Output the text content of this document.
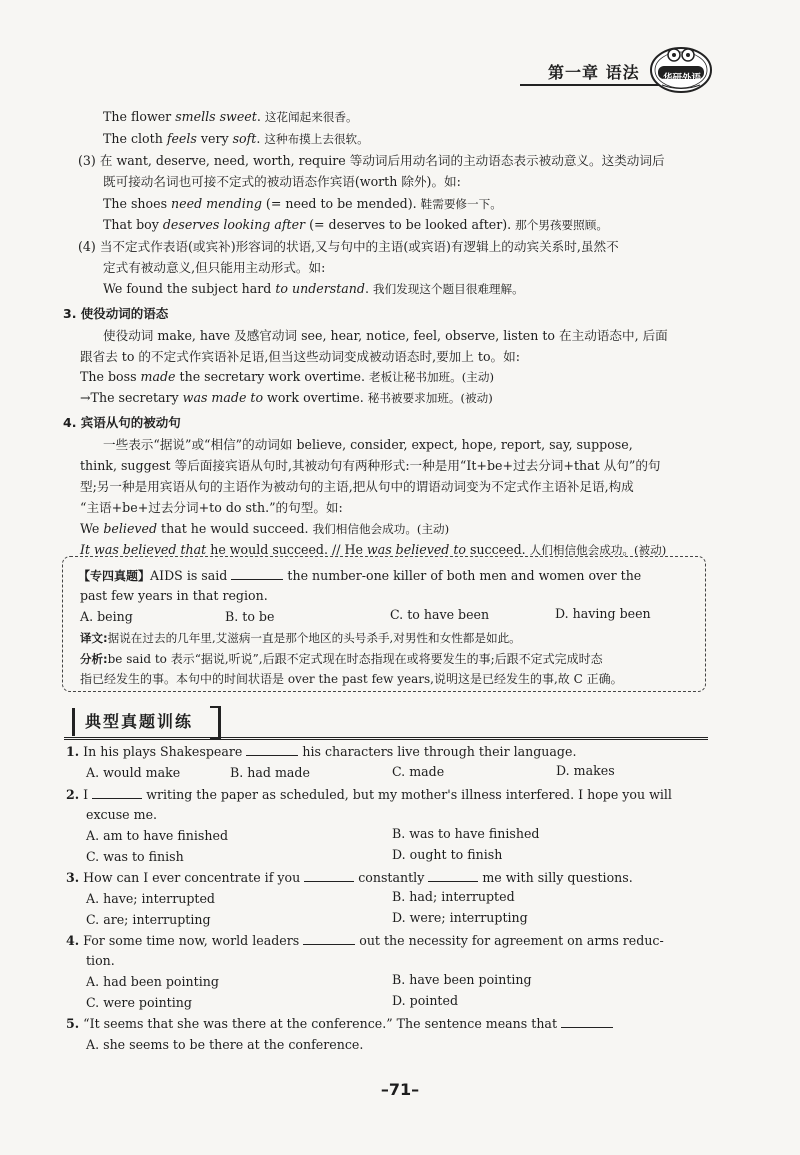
第一章 语法	华研外语
The flower smells sweet. 这花闻起来很香。
The cloth feels very soft. 这种布摸上去很软。
(3) 在 want, deserve, need, worth, require 等动词后用动名词的主动语态表示被动意义。这类动词后
既可接动名词也可接不定式的被动语态作宾语(worth 除外)。如:
The shoes need mending (= need to be mended). 鞋需要修一下。
That boy deserves looking after (= deserves to be looked after). 那个男孩要照顾。
(4) 当不定式作表语(或宾补)形容词的状语,又与句中的主语(或宾语)有逻辑上的动宾关系时,虽然不
定式有被动意义,但只能用主动形式。如:
We found the subject hard to understand. 我们发现这个题目很难理解。
3. 使役动词的语态
使役动词 make, have 及感官动词 see, hear, notice, feel, observe, listen to 在主动语态中, 后面
跟省去 to 的不定式作宾语补足语,但当这些动词变成被动语态时,要加上 to。如:
The boss made the secretary work overtime. 老板让秘书加班。(主动)
→The secretary was made to work overtime. 秘书被要求加班。(被动)
4. 宾语从句的被动句
一些表示“据说”或“相信”的动词如 believe, consider, expect, hope, report, say, suppose,
think, suggest 等后面接宾语从句时,其被动句有两种形式:一种是用“It+be+过去分词+that 从句”的句
型;另一种是用宾语从句的主语作为被动句的主语,把从句中的谓语动词变为不定式作主语补足语,构成
“主语+be+过去分词+to do sth.”的句型。如:
We believed that he would succeed. 我们相信他会成功。(主动)
It was believed that he would succeed. // He was believed to succeed. 人们相信他会成功。(被动)
【专四真题】AIDS is said	the number-one killer of both men and women over the
past few years in that region.
A. being	B. to be	C. to have been	D. having been
译文:据说在过去的几年里,艾滋病一直是那个地区的头号杀手,对男性和女性都是如此。
分析:be said to 表示“据说,听说”,后跟不定式现在时态指现在或将要发生的事;后跟不定式完成时态
指已经发生的事。本句中的时间状语是 over the past few years,说明这是已经发生的事,故 C 正确。
典型真题训练
1. In his plays Shakespeare	his characters live through their language.
A. would make	B. had made	C. made	D. makes
2. I	writing the paper as scheduled, but my mother's illness interfered. I hope you will
excuse me.
A. am to have finished	B. was to have finished
C. was to finish	D. ought to finish
3. How can I ever concentrate if you	constantly	me with silly questions.
A. have; interrupted	B. had; interrupted
C. are; interrupting	D. were; interrupting
4. For some time now, world leaders	out the necessity for agreement on arms reduc-
tion.
A. had been pointing	B. have been pointing
C. were pointing	D. pointed
5. “It seems that she was there at the conference.” The sentence means that
A. she seems to be there at the conference.
–71–
